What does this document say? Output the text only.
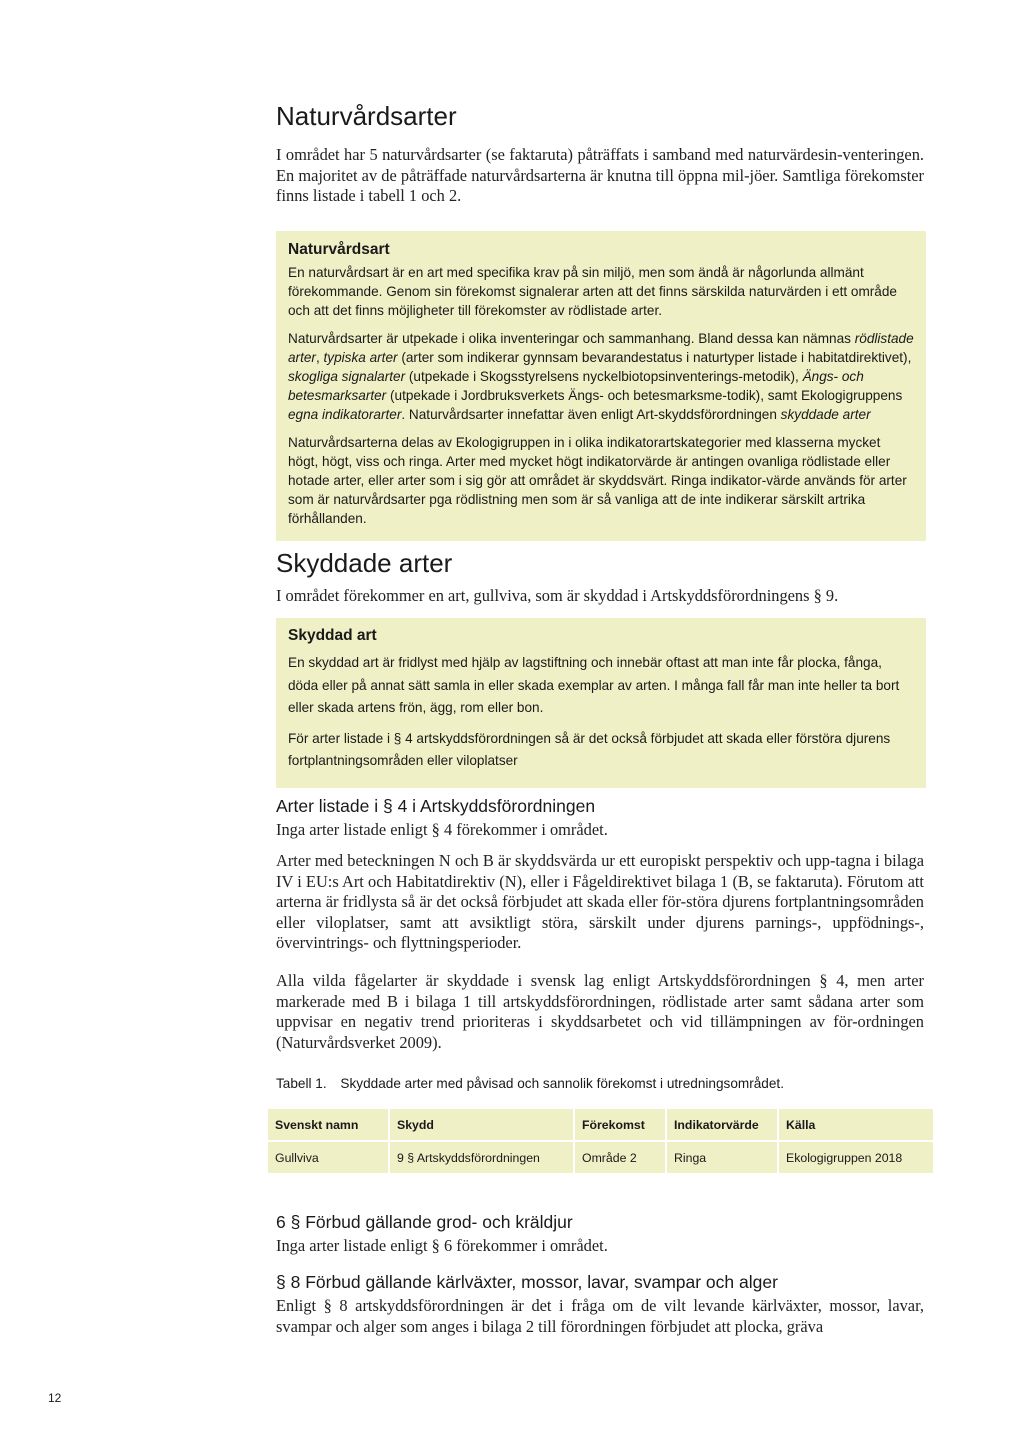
Naturvårdsarter

I området har 5 naturvårdsarter (se faktaruta) påträffats i samband med naturvärdesin-venteringen. En majoritet av de påträffade naturvårdsarterna är knutna till öppna mil-jöer. Samtliga förekomster finns listade i tabell 1 och 2.

Naturvårdsart

En naturvårdsart är en art med specifika krav på sin miljö, men som ändå är någorlunda allmänt förekommande. Genom sin förekomst signalerar arten att det finns särskilda naturvärden i ett område och att det finns möjligheter till förekomster av rödlistade arter.

Naturvårdsarter är utpekade i olika inventeringar och sammanhang. Bland dessa kan nämnas rödlistade arter, typiska arter (arter som indikerar gynnsam bevarandestatus i naturtyper listade i habitatdirektivet), skogliga signalarter (utpekade i Skogsstyrelsens nyckelbiotopsinventerings-metodik), Ängs- och betesmarksarter (utpekade i Jordbruksverkets Ängs- och betesmarksme-todik), samt Ekologigruppens egna indikatorarter. Naturvårdsarter innefattar även enligt Art-skyddsförordningen skyddade arter

Naturvårdsarterna delas av Ekologigruppen in i olika indikatorartskategorier med klasserna mycket högt, högt, viss och ringa. Arter med mycket högt indikatorvärde är antingen ovanliga rödlistade eller hotade arter, eller arter som i sig gör att området är skyddsvärt. Ringa indikator-värde används för arter som är naturvårdsarter pga rödlistning men som är så vanliga att de inte indikerar särskilt artrika förhållanden.

Skyddade arter

I området förekommer en art, gullviva, som är skyddad i Artskyddsförordningens § 9.

Skyddad art

En skyddad art är fridlyst med hjälp av lagstiftning och innebär oftast att man inte får plocka, fånga, döda eller på annat sätt samla in eller skada exemplar av arten. I många fall får man inte heller ta bort eller skada artens frön, ägg, rom eller bon.

För arter listade i § 4 artskyddsförordningen så är det också förbjudet att skada eller förstöra djurens fortplantningsområden eller viloplatser

Arter listade i § 4 i Artskyddsförordningen

Inga arter listade enligt § 4 förekommer i området.

Arter med beteckningen N och B är skyddsvärda ur ett europiskt perspektiv och upp-tagna i bilaga IV i EU:s Art och Habitatdirektiv (N), eller i Fågeldirektivet bilaga 1 (B, se faktaruta). Förutom att arterna är fridlysta så är det också förbjudet att skada eller för-störa djurens fortplantningsområden eller viloplatser, samt att avsiktligt störa, särskilt under djurens parnings-, uppfödnings-, övervintrings- och flyttningsperioder.

Alla vilda fågelarter är skyddade i svensk lag enligt Artskyddsförordningen § 4, men arter markerade med B i bilaga 1 till artskyddsförordningen, rödlistade arter samt sådana arter som uppvisar en negativ trend prioriteras i skyddsarbetet och vid tillämpningen av för-ordningen (Naturvårdsverket 2009).

Tabell 1. Skyddade arter med påvisad och sannolik förekomst i utredningsområdet.
Svenskt namn	Skydd	Förekomst	Indikatorvärde	Källa
Gullviva	9 § Artskyddsförordningen	Område 2	Ringa	Ekologigruppen 2018
6 § Förbud gällande grod- och kräldjur

Inga arter listade enligt § 6 förekommer i området.

§ 8 Förbud gällande kärlväxter, mossor, lavar, svampar och alger

Enligt § 8 artskyddsförordningen är det i fråga om de vilt levande kärlväxter, mossor, lavar, svampar och alger som anges i bilaga 2 till förordningen förbjudet att plocka, gräva

12
